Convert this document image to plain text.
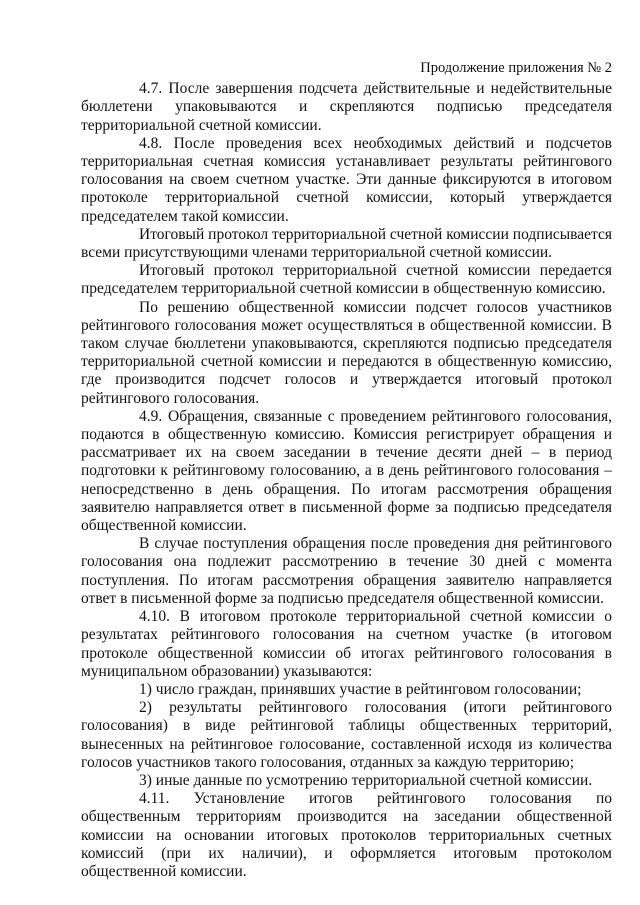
Продолжение приложения № 2

4.7. После завершения подсчета действительные и недействительные бюллетени упаковываются и скрепляются подписью председателя территориальной счетной комиссии.

4.8. После проведения всех необходимых действий и подсчетов территориальная счетная комиссия устанавливает результаты рейтингового голосования на своем счетном участке. Эти данные фиксируются в итоговом протоколе территориальной счетной комиссии, который утверждается председателем такой комиссии.

Итоговый протокол территориальной счетной комиссии подписывается всеми присутствующими членами территориальной счетной комиссии.

Итоговый протокол территориальной счетной комиссии передается председателем территориальной счетной комиссии в общественную комиссию.

По решению общественной комиссии подсчет голосов участников рейтингового голосования может осуществляться в общественной комиссии. В таком случае бюллетени упаковываются, скрепляются подписью председателя территориальной счетной комиссии и передаются в общественную комиссию, где производится подсчет голосов и утверждается итоговый протокол рейтингового голосования.

4.9. Обращения, связанные с проведением рейтингового голосования, подаются в общественную комиссию. Комиссия регистрирует обращения и рассматривает их на своем заседании в течение десяти дней – в период подготовки к рейтинговому голосованию, а в день рейтингового голосования – непосредственно в день обращения. По итогам рассмотрения обращения заявителю направляется ответ в письменной форме за подписью председателя общественной комиссии.

В случае поступления обращения после проведения дня рейтингового голосования она подлежит рассмотрению в течение 30 дней с момента поступления. По итогам рассмотрения обращения заявителю направляется ответ в письменной форме за подписью председателя общественной комиссии.

4.10. В итоговом протоколе территориальной счетной комиссии о результатах рейтингового голосования на счетном участке (в итоговом протоколе общественной комиссии об итогах рейтингового голосования в муниципальном образовании) указываются:

1) число граждан, принявших участие в рейтинговом голосовании;

2) результаты рейтингового голосования (итоги рейтингового голосования) в виде рейтинговой таблицы общественных территорий, вынесенных на рейтинговое голосование, составленной исходя из количества голосов участников такого голосования, отданных за каждую территорию;

3) иные данные по усмотрению территориальной счетной комиссии.

4.11. Установление итогов рейтингового голосования по общественным территориям производится на заседании общественной комиссии на основании итоговых протоколов территориальных счетных комиссий (при их наличии), и оформляется итоговым протоколом общественной комиссии.
